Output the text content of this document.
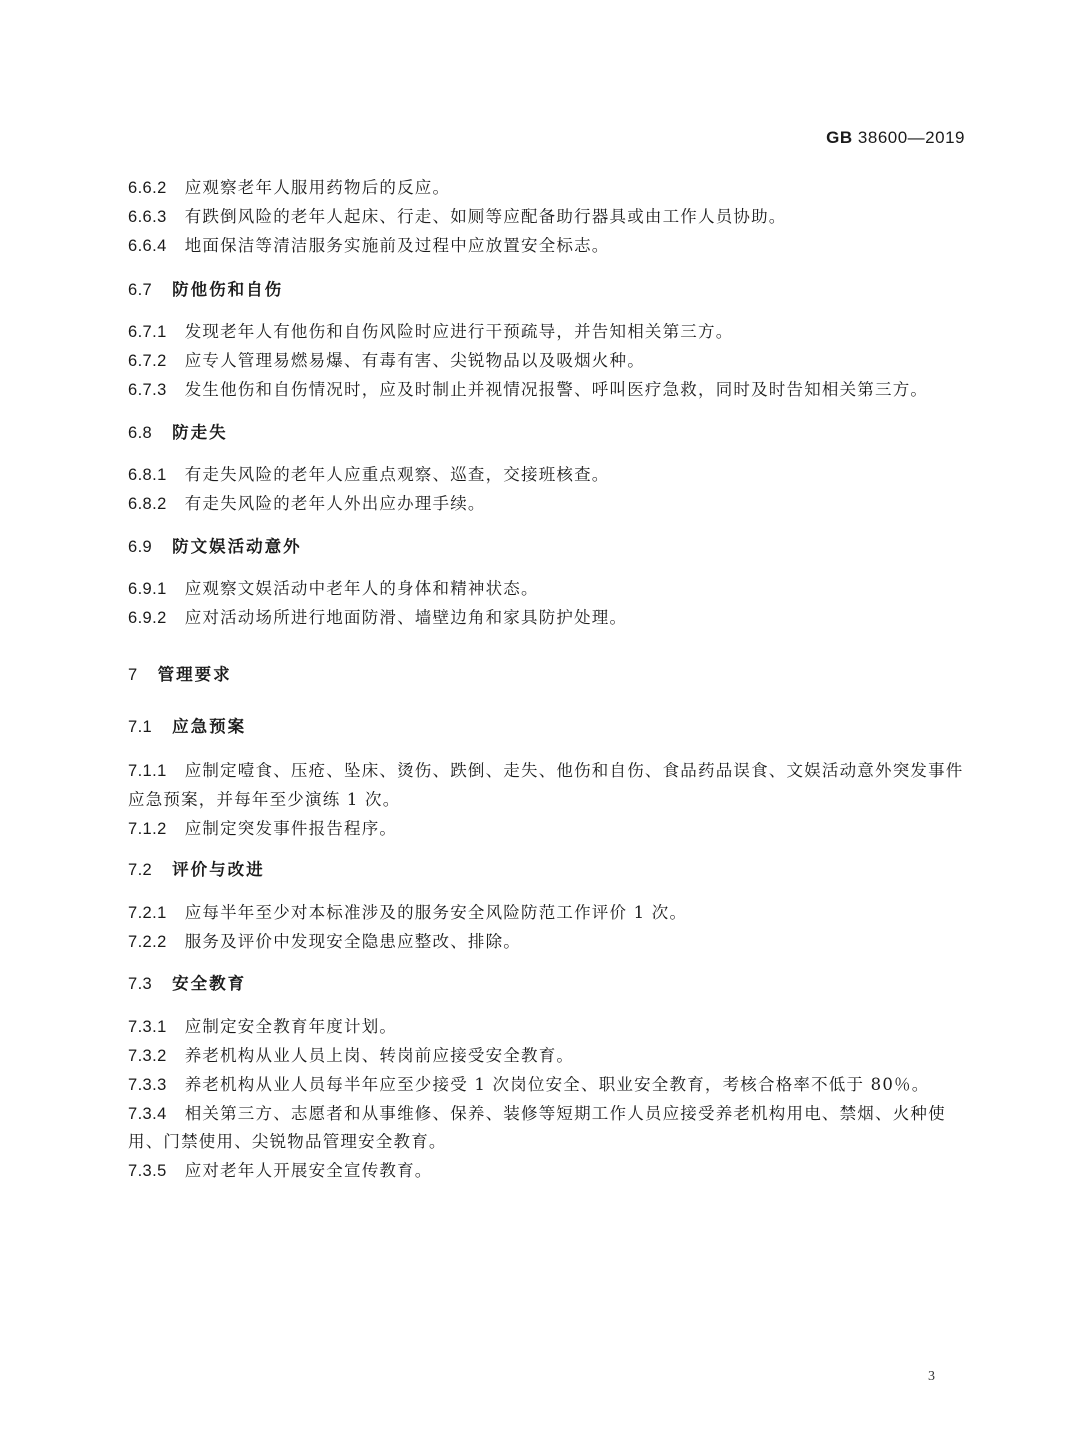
GB 38600—2019
6.6.2 应观察老年人服用药物后的反应。
6.6.3 有跌倒风险的老年人起床、行走、如厕等应配备助行器具或由工作人员协助。
6.6.4 地面保洁等清洁服务实施前及过程中应放置安全标志。
6.7 防他伤和自伤
6.7.1 发现老年人有他伤和自伤风险时应进行干预疏导，并告知相关第三方。
6.7.2 应专人管理易燃易爆、有毒有害、尖锐物品以及吸烟火种。
6.7.3 发生他伤和自伤情况时，应及时制止并视情况报警、呼叫医疗急救，同时及时告知相关第三方。
6.8 防走失
6.8.1 有走失风险的老年人应重点观察、巡查，交接班核查。
6.8.2 有走失风险的老年人外出应办理手续。
6.9 防文娱活动意外
6.9.1 应观察文娱活动中老年人的身体和精神状态。
6.9.2 应对活动场所进行地面防滑、墙壁边角和家具防护处理。
7 管理要求
7.1 应急预案
7.1.1 应制定噎食、压疮、坠床、烫伤、跌倒、走失、他伤和自伤、食品药品误食、文娱活动意外突发事件
应急预案，并每年至少演练 1 次。
7.1.2 应制定突发事件报告程序。
7.2 评价与改进
7.2.1 应每半年至少对本标准涉及的服务安全风险防范工作评价 1 次。
7.2.2 服务及评价中发现安全隐患应整改、排除。
7.3 安全教育
7.3.1 应制定安全教育年度计划。
7.3.2 养老机构从业人员上岗、转岗前应接受安全教育。
7.3.3 养老机构从业人员每半年应至少接受 1 次岗位安全、职业安全教育，考核合格率不低于 80％。
7.3.4 相关第三方、志愿者和从事维修、保养、装修等短期工作人员应接受养老机构用电、禁烟、火种使
用、门禁使用、尖锐物品管理安全教育。
7.3.5 应对老年人开展安全宣传教育。
3
